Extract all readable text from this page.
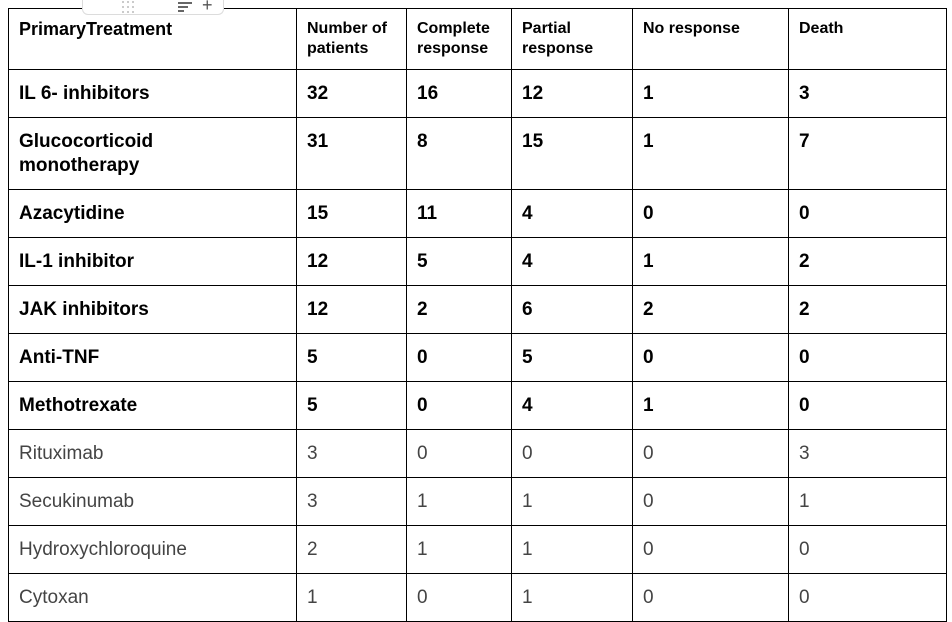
PrimaryTreatment	Number of patients	Complete response	Partial response	No response	Death
IL 6- inhibitors	32	16	12	1	3
Glucocorticoid monotherapy	31	8	15	1	7
Azacytidine	15	11	4	0	0
IL-1 inhibitor	12	5	4	1	2
JAK inhibitors	12	2	6	2	2
Anti-TNF	5	0	5	0	0
Methotrexate	5	0	4	1	0
Rituximab	3	0	0	0	3
Secukinumab	3	1	1	0	1
Hydroxychloroquine	2	1	1	0	0
Cytoxan	1	0	1	0	0
+
